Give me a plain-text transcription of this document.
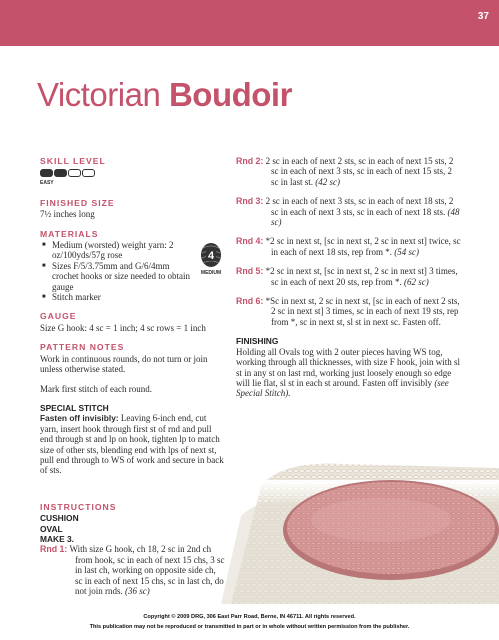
37
Victorian Boudoir
SKILL LEVEL
EASY
FINISHED SIZE

7½ inches long

MATERIALS
■ Medium (worsted) weight yarn: 2 oz/100yds/57g rose
■ Sizes F/5/3.75mm and G/6/4mm crochet hooks or size needed to obtain gauge
■ Stitch marker
4
MEDIUM
GAUGE

Size G hook: 4 sc = 1 inch; 4 sc rows = 1 inch

PATTERN NOTES

Work in continuous rounds, do not turn or join unless otherwise stated.

Mark first stitch of each round.

SPECIAL STITCH

Fasten off invisibly: Leaving 6-inch end, cut yarn, insert hook through first st of rnd and pull end through st and lp on hook, tighten lp to match size of other sts, blending end with lps of next st, pull end through to WS of work and secure in back of sts.

INSTRUCTIONS
CUSHION
OVAL
MAKE 3.

Rnd 1: With size G hook, ch 18, 2 sc in 2nd ch from hook, sc in each of next 15 chs, 3 sc in last ch, working on opposite side ch, sc in each of next 15 chs, sc in last ch, do not join rnds. (36 sc)

Rnd 2: 2 sc in each of next 2 sts, sc in each of next 15 sts, 2 sc in each of next 3 sts, sc in each of next 15 sts, 2 sc in last st. (42 sc)

Rnd 3: 2 sc in each of next 3 sts, sc in each of next 18 sts, 2 sc in each of next 3 sts, sc in each of next 18 sts. (48 sc)

Rnd 4: *2 sc in next st, [sc in next st, 2 sc in next st] twice, sc in each of next 18 sts, rep from *. (54 sc)

Rnd 5: *2 sc in next st, [sc in next st, 2 sc in next st] 3 times, sc in each of next 20 sts, rep from *. (62 sc)

Rnd 6: *Sc in next st, 2 sc in next st, [sc in each of next 2 sts, 2 sc in next st] 3 times, sc in each of next 19 sts, rep from *, sc in next st, sl st in next sc. Fasten off.

FINISHING

Holding all Ovals tog with 2 outer pieces having WS tog, working through all thicknesses, with size F hook, join with sl st in any st on last rnd, working just loosely enough so edge will lie flat, sl st in each st around. Fasten off invisibly (see Special Stitch).

Copyright © 2009 DRG, 306 East Parr Road, Berne, IN 46711. All rights reserved.
This publication may not be reproduced or transmitted in part or in whole without written permission from the publisher.
